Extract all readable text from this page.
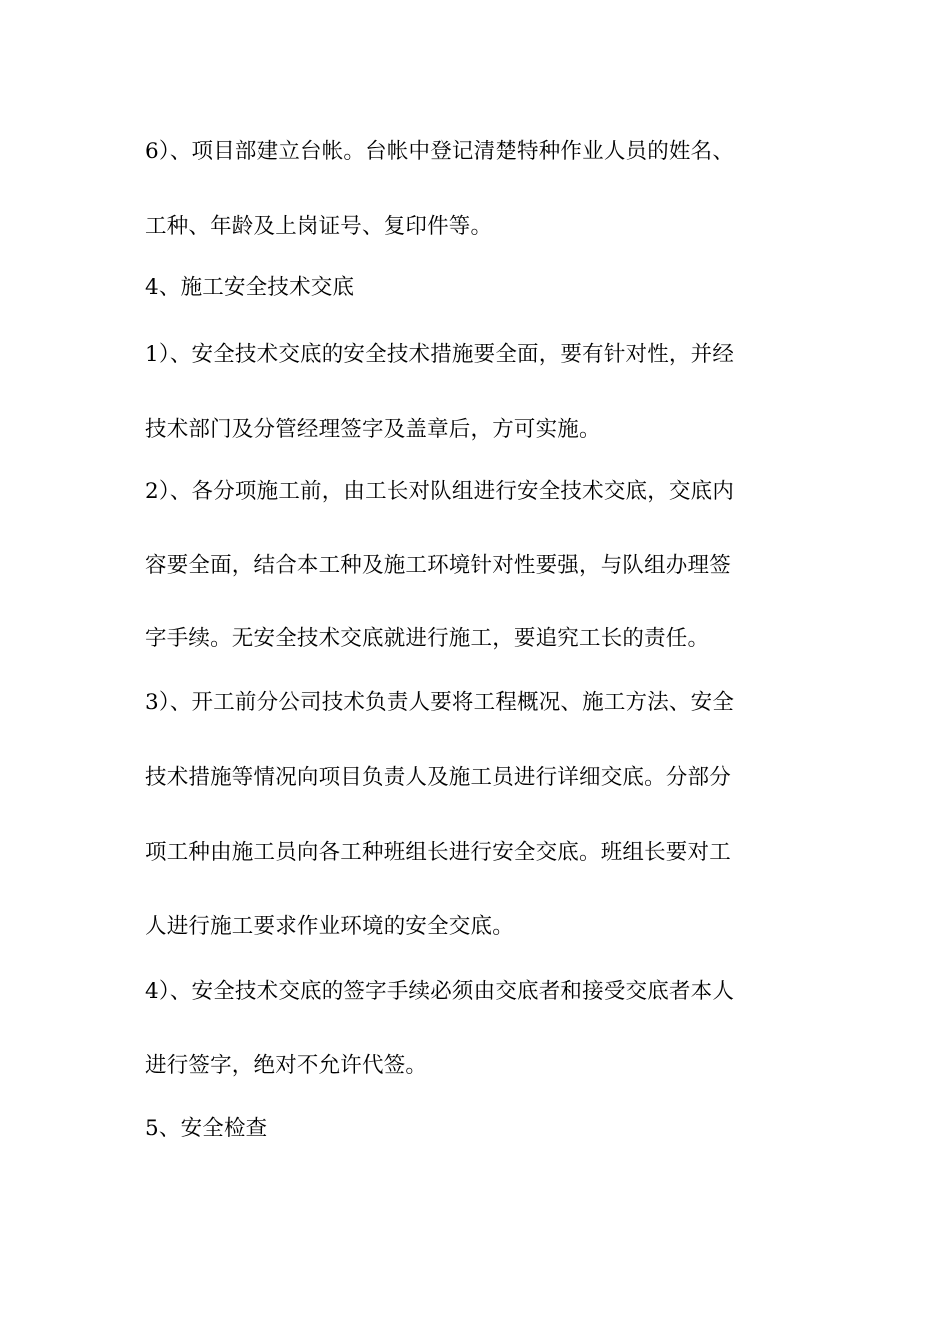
6）、项目部建立台帐。台帐中登记清楚特种作业人员的姓名、
工种、年龄及上岗证号、复印件等。
4、施工安全技术交底
1）、安全技术交底的安全技术措施要全面，要有针对性，并经
技术部门及分管经理签字及盖章后，方可实施。
2）、各分项施工前，由工长对队组进行安全技术交底，交底内
容要全面，结合本工种及施工环境针对性要强，与队组办理签
字手续。无安全技术交底就进行施工，要追究工长的责任。
3）、开工前分公司技术负责人要将工程概况、施工方法、安全
技术措施等情况向项目负责人及施工员进行详细交底。分部分
项工种由施工员向各工种班组长进行安全交底。班组长要对工
人进行施工要求作业环境的安全交底。
4）、安全技术交底的签字手续必须由交底者和接受交底者本人
进行签字，绝对不允许代签。
5、安全检查
